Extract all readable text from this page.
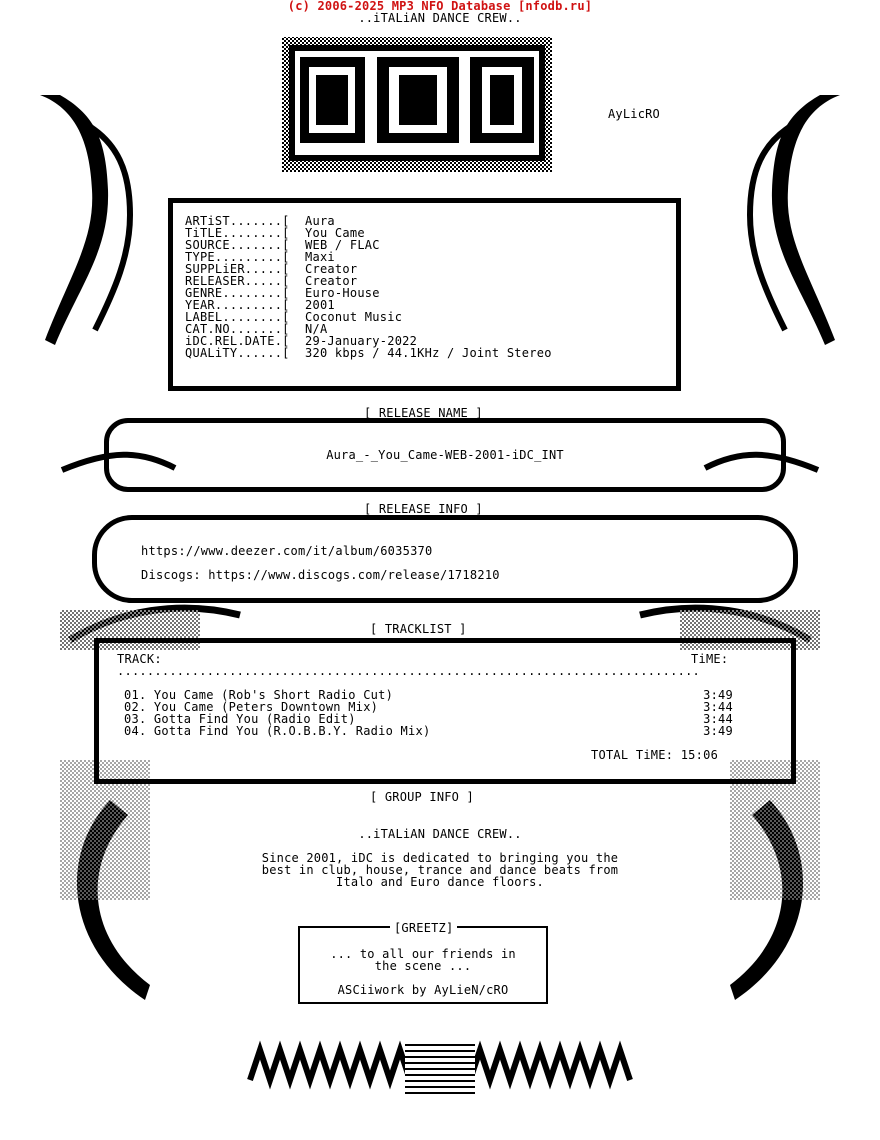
(c) 2006-2025 MP3 NFO Database [nfodb.ru]
..iTALiAN DANCE CREW..
AyLicRO
ARTiST.......[ Aura
TiTLE........[ You Came
SOURCE.......[ WEB / FLAC
TYPE.........[ Maxi
SUPPLiER.....[ Creator
RELEASER.....[ Creator
GENRE........[ Euro-House
YEAR.........[ 2001
LABEL........[ Coconut Music
CAT.NO.......[ N/A
iDC.REL.DATE.[ 29-January-2022
QUALiTY......[ 320 kbps / 44.1KHz / Joint Stereo
[ RELEASE NAME ]
Aura_-_You_Came-WEB-2001-iDC_INT
[ RELEASE INFO ]
https://www.deezer.com/it/album/6035370
Discogs: https://www.discogs.com/release/1718210
[ TRACKLIST ]
TRACK:	TiME:
..............................................................................
01. You Came (Rob's Short Radio Cut)
02. You Came (Peters Downtown Mix)
03. Gotta Find You (Radio Edit)
04. Gotta Find You (R.O.B.B.Y. Radio Mix)
3:49
3:44
3:44
3:49
TOTAL TiME: 15:06
[ GROUP INFO ]
..iTALiAN DANCE CREW..
Since 2001, iDC is dedicated to bringing you the
best in club, house, trance and dance beats from
Italo and Euro dance floors.
[GREETZ]
... to all our friends in
the scene ...
ASCiiwork by AyLieN/cRO
